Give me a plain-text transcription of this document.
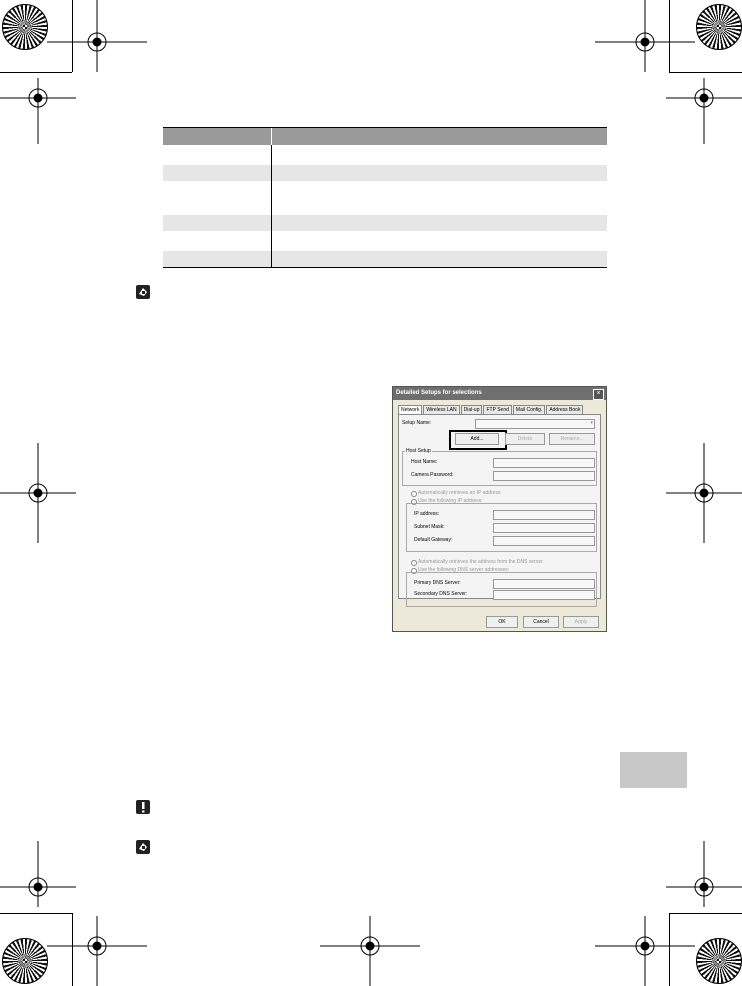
Detailed Setups for selections	×
Network	Wireless LAN	Dial-up	FTP Send	Mail Config.	Address Book
Setup Name:	▾
Add...	Delete	Rename...
Host Setup
Host Name:
Camera Password:
Automatically retrieves an IP address
Use the following IP address:
IP address:
Subnet Mask:
Default Gateway:
Automatically retrieves the address from the DNS server
Use the following DNS server addresses:
Primary DNS Server:
Secondary DNS Server:
OK	Cancel	Apply
